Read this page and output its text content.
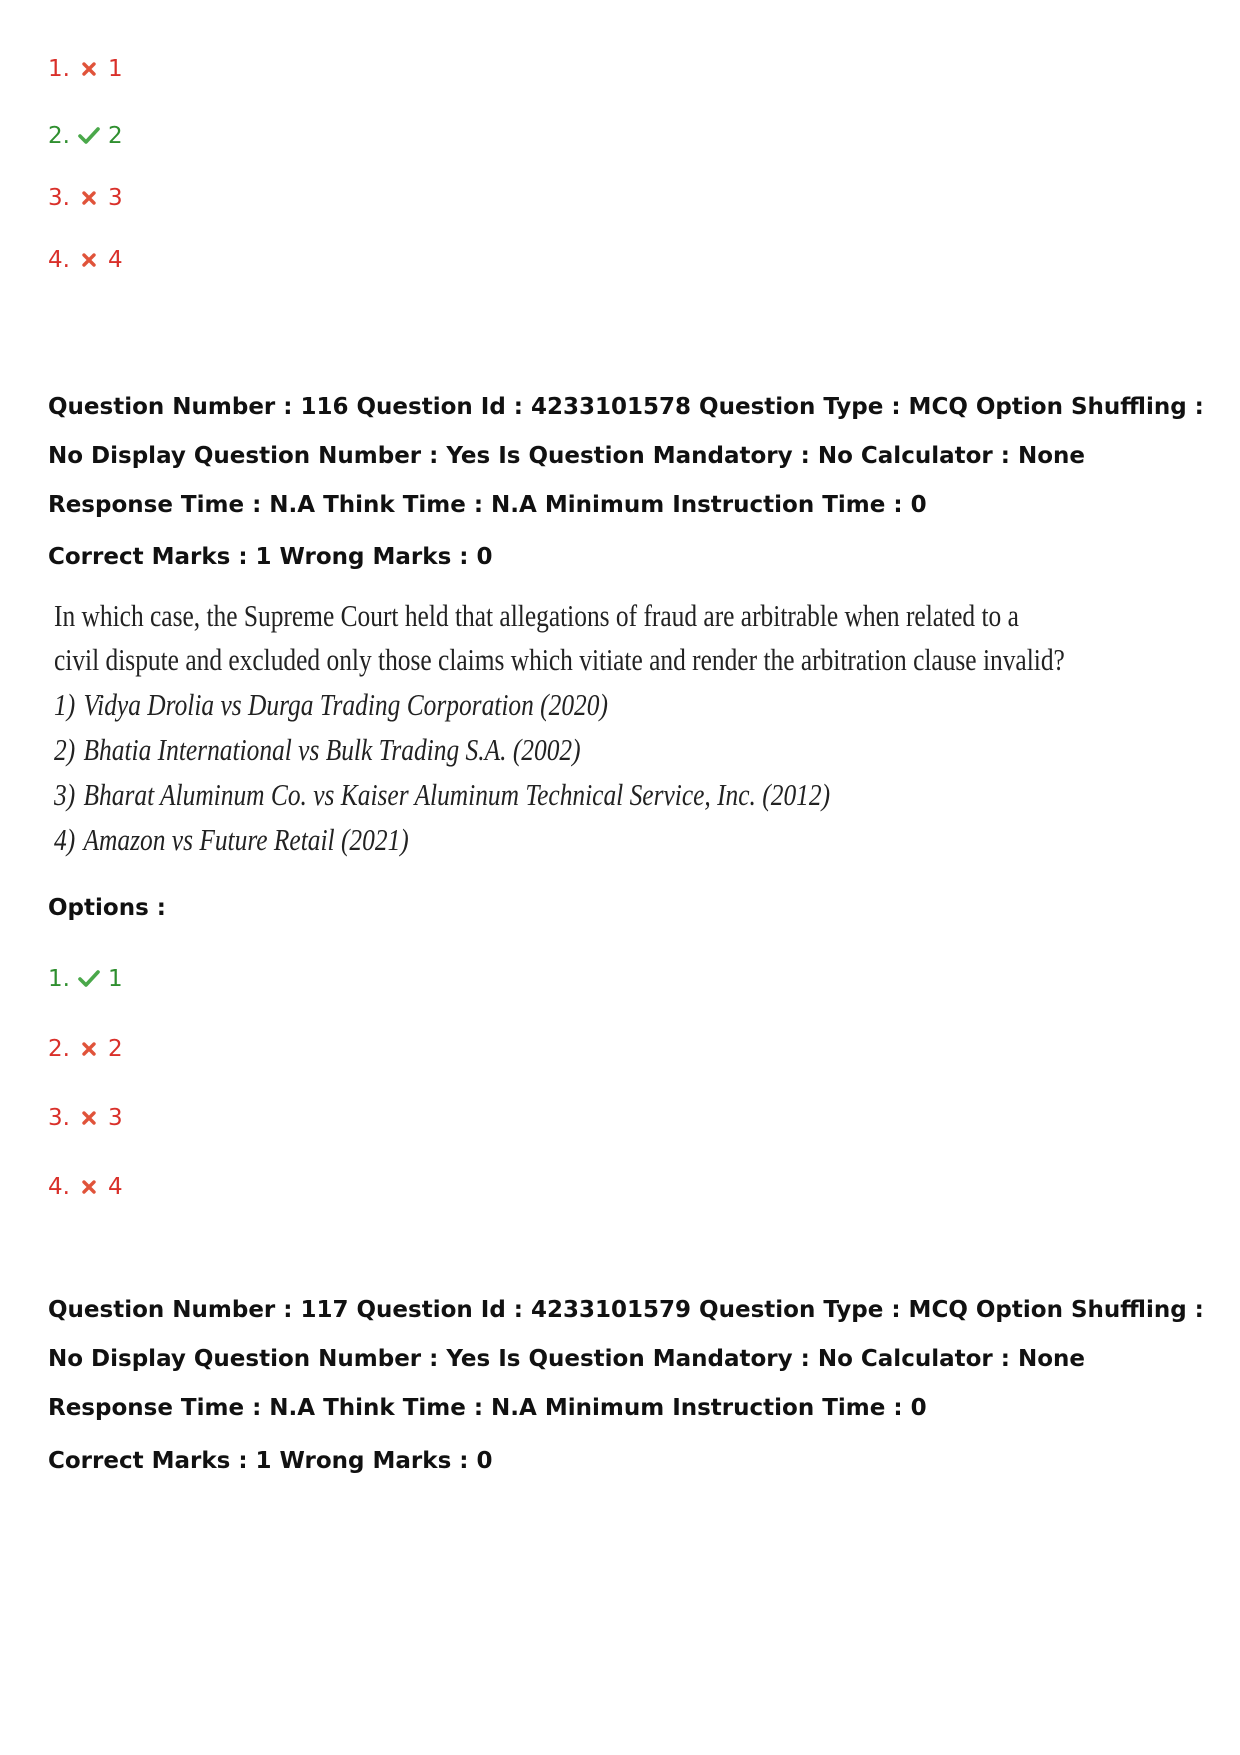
1. 1
2. 2
3. 3
4. 4
Question Number : 116 Question Id : 4233101578 Question Type : MCQ Option Shuffling : No Display Question Number : Yes Is Question Mandatory : No Calculator : None Response Time : N.A Think Time : N.A Minimum Instruction Time : 0
Correct Marks : 1 Wrong Marks : 0
In which case, the Supreme Court held that allegations of fraud are arbitrable when related to a
civil dispute and excluded only those claims which vitiate and render the arbitration clause invalid?
1) Vidya Drolia vs Durga Trading Corporation (2020)
2) Bhatia International vs Bulk Trading S.A. (2002)
3) Bharat Aluminum Co. vs Kaiser Aluminum Technical Service, Inc. (2012)
4) Amazon vs Future Retail (2021)
Options :
1. 1
2. 2
3. 3
4. 4
Question Number : 117 Question Id : 4233101579 Question Type : MCQ Option Shuffling : No Display Question Number : Yes Is Question Mandatory : No Calculator : None Response Time : N.A Think Time : N.A Minimum Instruction Time : 0
Correct Marks : 1 Wrong Marks : 0
